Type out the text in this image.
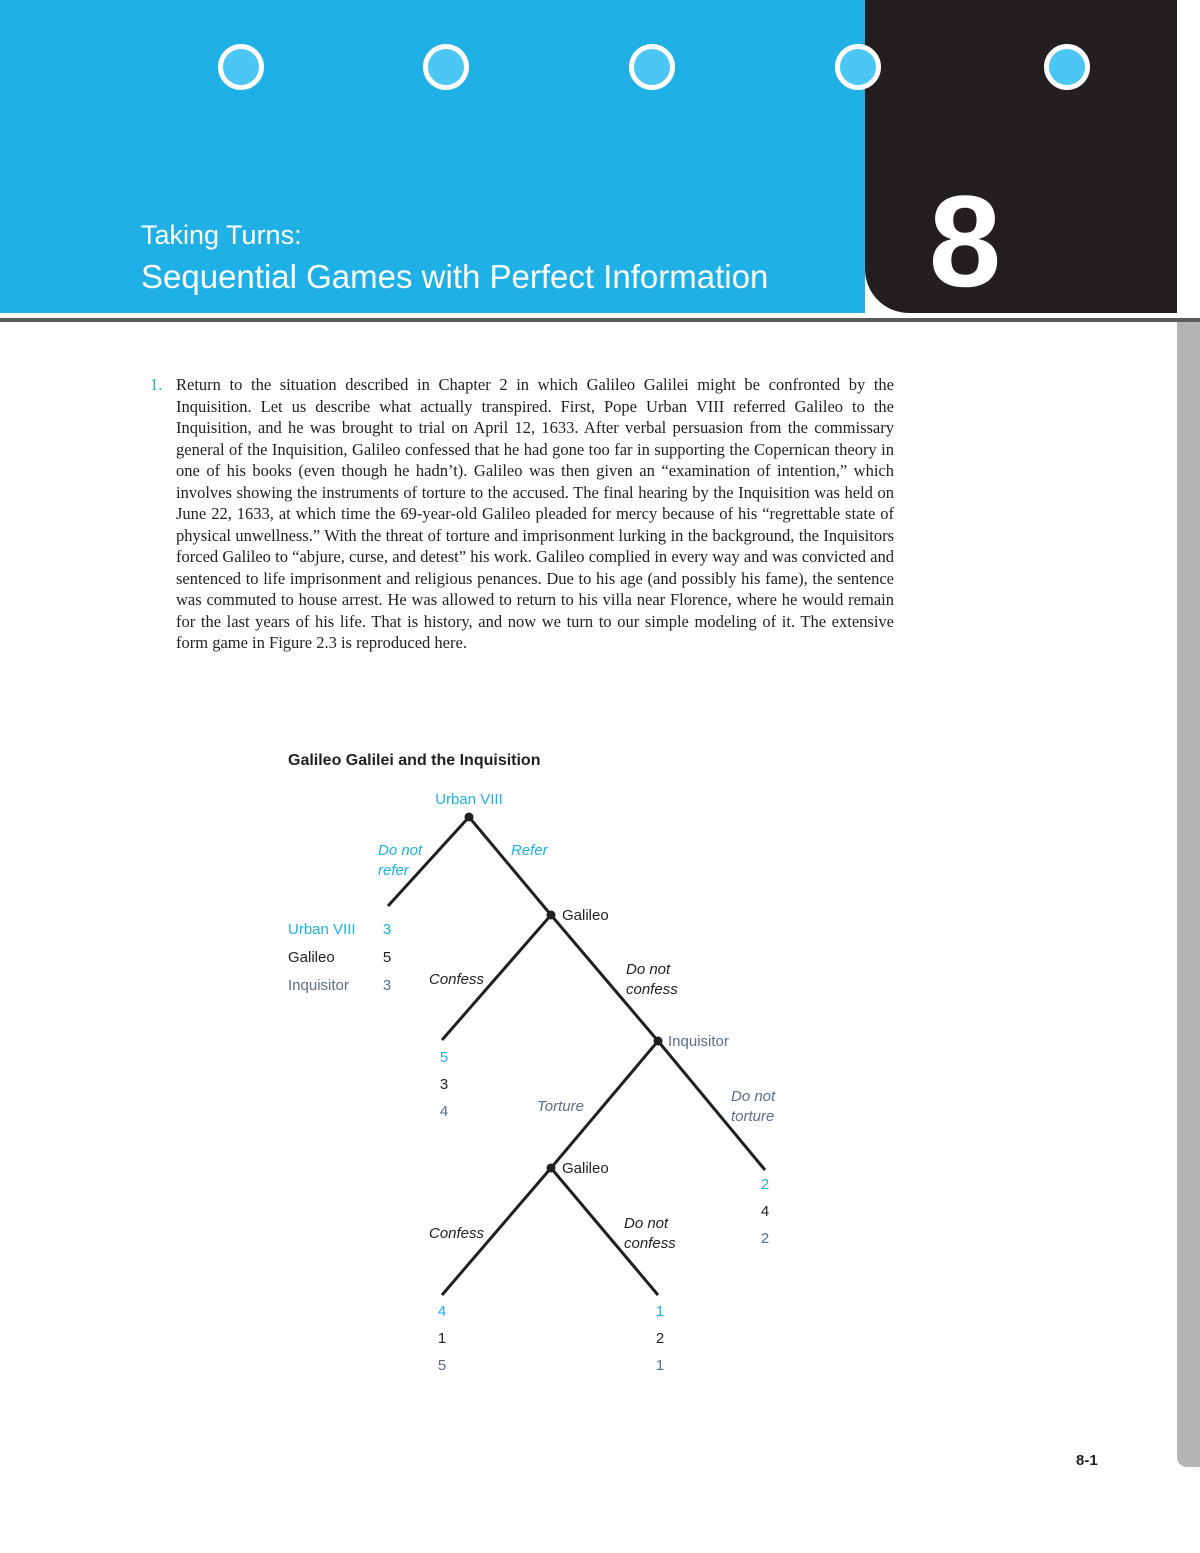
Taking Turns:
Sequential Games with Perfect Information 8
1. Return to the situation described in Chapter 2 in which Galileo Galilei might be confronted by the Inquisition. Let us describe what actually transpired. First, Pope Urban VIII referred Galileo to the Inquisition, and he was brought to trial on April 12, 1633. After verbal persuasion from the commissary general of the Inquisition, Galileo confessed that he had gone too far in supporting the Copernican theory in one of his books (even though he hadn’t). Galileo was then given an “examination of intention,” which involves showing the instruments of torture to the accused. The final hearing by the Inquisition was held on June 22, 1633, at which time the 69-year-old Galileo pleaded for mercy because of his “regrettable state of physical unwellness.” With the threat of torture and imprisonment lurking in the background, the Inquisitors forced Galileo to “abjure, curse, and detest” his work. Galileo complied in every way and was convicted and sentenced to life imprisonment and religious penances. Due to his age (and possibly his fame), the sentence was commuted to house arrest. He was allowed to return to his villa near Florence, where he would remain for the last years of his life. That is history, and now we turn to our simple modeling of it. The extensive form game in Figure 2.3 is reproduced here.
Galileo Galilei and the Inquisition
Urban VIII
Galileo
Inquisitor
Galileo
Do not
refer
Refer
Confess
Do not
confess
Torture
Do not
torture
Confess
Do not
confess
Urban VIII
Galileo
Inquisitor
3
5
3
5
3
4
2
4
2
4
1
5
1
2
1
8-1
